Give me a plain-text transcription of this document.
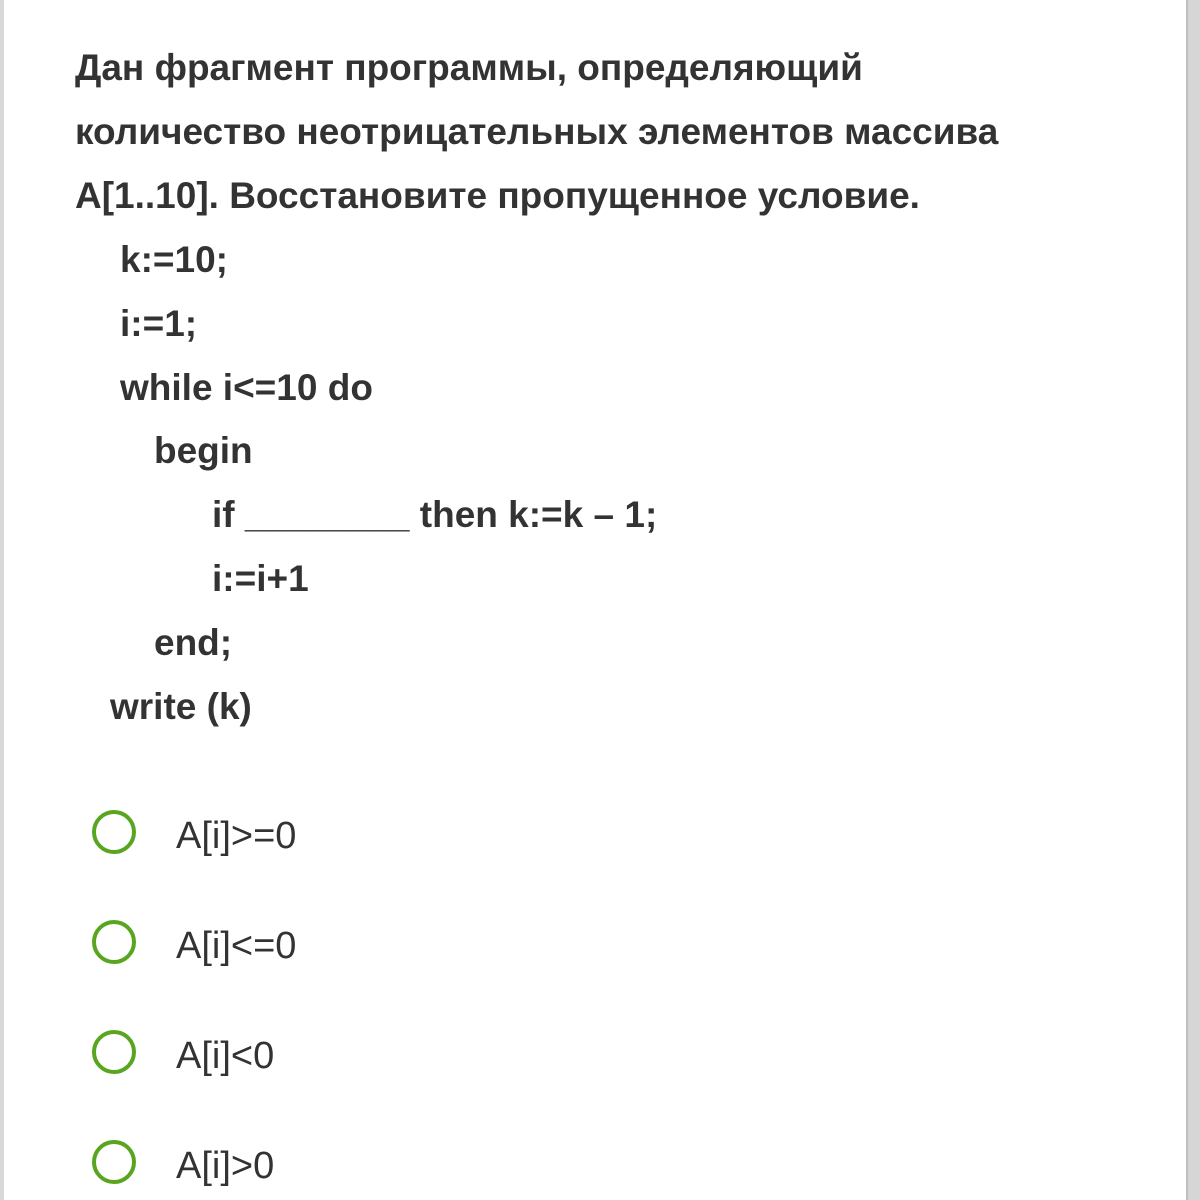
Дан фрагмент программы, определяющий
количество неотрицательных элементов массива
А[1..10]. Восстановите пропущенное условие.
k:=10;
i:=1;
while i<=10 do
begin
if ________ then k:=k – 1;
i:=i+1
end;
write (k)
A[i]>=0
A[i]<=0
A[i]<0
A[i]>0
